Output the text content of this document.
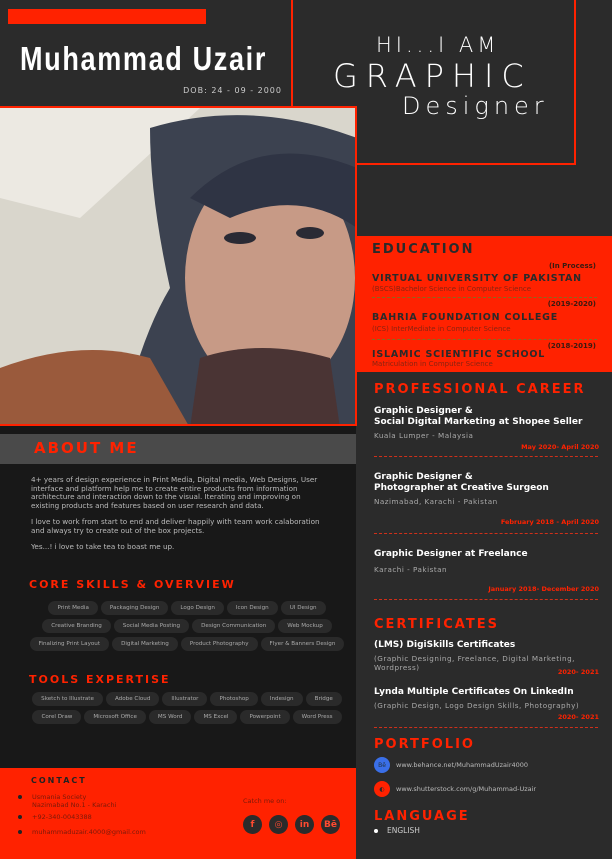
Muhammad Uzair
DOB: 24 - 09 - 2000
HI...I AM
GRAPHIC
Designer
ABOUT ME

4+ years of design experience in Print Media, Digital media, Web Designs, User interface and platform help me to create entire products from information architecture and interaction down to the visual. Iterating and improving on existing products and features based on user research and data.

I love to work from start to end and deliver happily with team work calaboration and always try to create out of the box projects.

Yes...! i love to take tea to boast me up.

CORE SKILLS & OVERVIEW
Print Media	Packaging Design	Logo Design	Icon Design	UI Design
Creative Branding	Social Media Posting	Design Communication	Web Mockup
Finalizing Print Layout	Digital Marketing	Product Photography	Flyer & Banners Design
TOOLS EXPERTISE
Sketch to Illustrate	Adobe Cloud	Illustrator	Photoshop	Indesign	Bridge
Corel Draw	Microsoft Office	MS Word	MS Excel	Powerpoint	Word Press
CONTACT
Usmania Society
Nazimabad No.1 - Karachi
+92-340-0043388
muhammaduzair.4000@gmail.com
Catch me on:
f	◎	in	Bē
EDUCATION
(In Process)
VIRTUAL UNIVERSITY OF PAKISTAN
(BSCS)Bachelor Science in Computer Science
(2019-2020)
BAHRIA FOUNDATION COLLEGE
(ICS) InterMediate in Computer Science
(2018-2019)
ISLAMIC SCIENTIFIC SCHOOL
Matriculation in Computer Science
PROFESSIONAL CAREER
Graphic Designer &
Social Digital Marketing at Shopee Seller
Kuala Lumper - Malaysia
May 2020- April 2020
Graphic Designer &
Photographer at Creative Surgeon
Nazimabad, Karachi - Pakistan
February 2018 - April 2020
Graphic Designer at Freelance
Karachi - Pakistan
January 2018- December 2020
CERTIFICATES
(LMS) DigiSkills Certificates
(Graphic Designing, Freelance, Digital Marketing, Wordpress)	2020- 2021
Lynda Multiple Certificates On LinkedIn
(Graphic Design, Logo Design Skills, Photography)
2020- 2021
PORTFOLIO
Bē	www.behance.net/MuhammadUzair4000
◐	www.shutterstock.com/g/Muhammad-Uzair
LANGUAGE
ENGLISH
